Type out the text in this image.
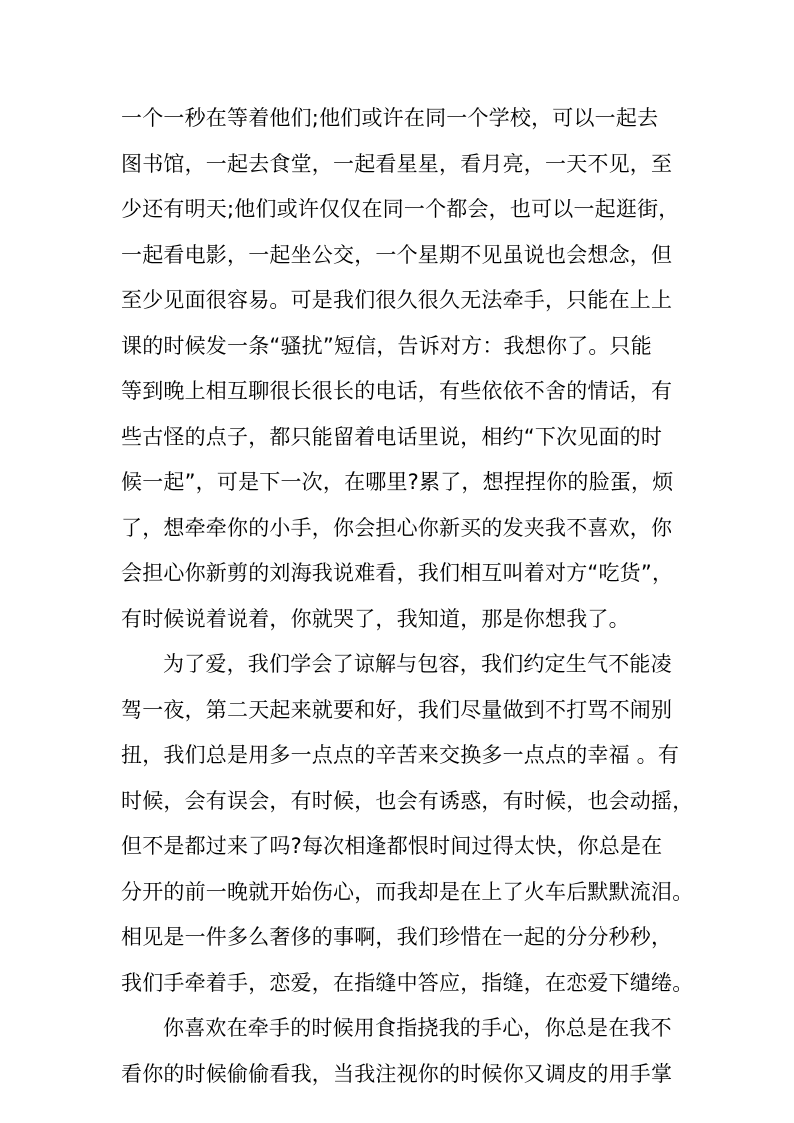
一个一秒在等着他们;他们或许在同一个学校，可以一起去
图书馆，一起去食堂，一起看星星，看月亮，一天不见，至
少还有明天;他们或许仅仅在同一个都会，也可以一起逛街，
一起看电影，一起坐公交，一个星期不见虽说也会想念，但
至少见面很容易。可是我们很久很久无法牵手，只能在上上
课的时候发一条“骚扰”短信，告诉对方：我想你了。只能
等到晚上相互聊很长很长的电话，有些依依不舍的情话，有
些古怪的点子，都只能留着电话里说，相约“下次见面的时
候一起”，可是下一次，在哪里?累了，想捏捏你的脸蛋，烦
了，想牵牵你的小手，你会担心你新买的发夹我不喜欢，你
会担心你新剪的刘海我说难看，我们相互叫着对方“吃货”，
有时候说着说着，你就哭了，我知道，那是你想我了。
为了爱，我们学会了谅解与包容，我们约定生气不能凌
驾一夜，第二天起来就要和好，我们尽量做到不打骂不闹别
扭，我们总是用多一点点的辛苦来交换多一点点的幸福 。有
时候，会有误会，有时候，也会有诱惑，有时候，也会动摇，
但不是都过来了吗?每次相逢都恨时间过得太快，你总是在
分开的前一晚就开始伤心，而我却是在上了火车后默默流泪。
相见是一件多么奢侈的事啊，我们珍惜在一起的分分秒秒，
我们手牵着手，恋爱，在指缝中答应，指缝，在恋爱下缱绻。
你喜欢在牵手的时候用食指挠我的手心，你总是在我不
看你的时候偷偷看我，当我注视你的时候你又调皮的用手掌
